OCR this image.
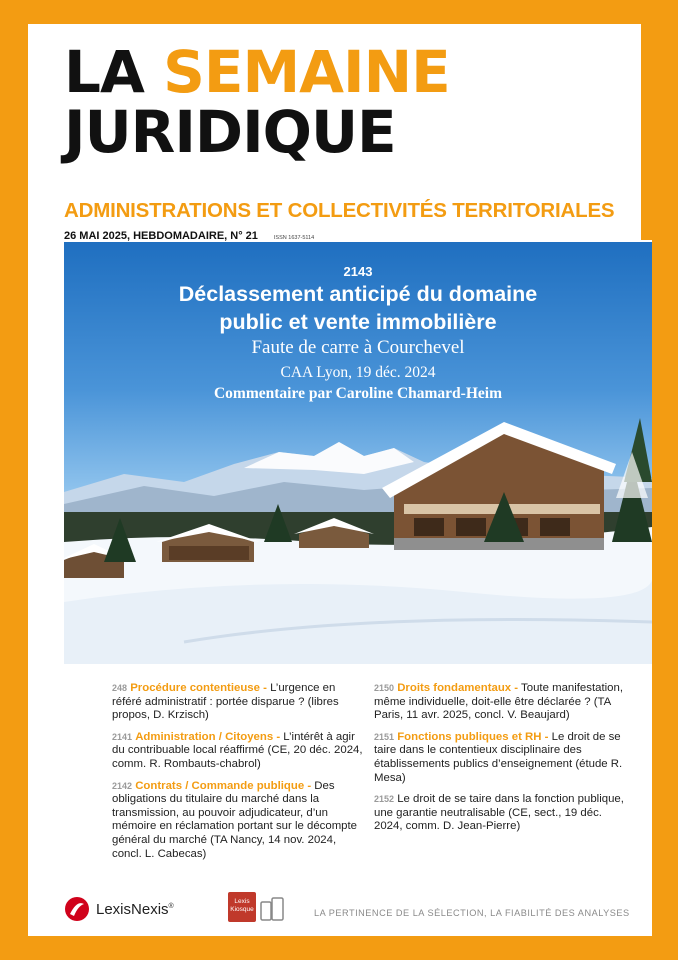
LA SEMAINE
JURIDIQUE
ADMINISTRATIONS ET COLLECTIVITÉS TERRITORIALES
26 MAI 2025, HEBDOMADAIRE, N° 21	ISSN 1637-5114
2143
Déclassement anticipé du domaine
public et vente immobilière
Faute de carre à Courchevel
CAA Lyon, 19 déc. 2024
Commentaire par Caroline Chamard-Heim
248 Procédure contentieuse - L’urgence en référé administratif : portée disparue ? (libres propos, D. Krzisch)
2141 Administration / Citoyens - L’intérêt à agir du contribuable local réaffirmé (CE, 20 déc. 2024, comm. R. Rombauts-chabrol)
2142 Contrats / Commande publique - Des obligations du titulaire du marché dans la transmission, au pouvoir adjudicateur, d’un mémoire en réclamation portant sur le décompte général du marché (TA Nancy, 14 nov. 2024, concl. L. Cabecas)
2150 Droits fondamentaux - Toute manifestation, même individuelle, doit-elle être déclarée ? (TA Paris, 11 avr. 2025, concl. V. Beaujard)
2151 Fonctions publiques et RH - Le droit de se taire dans le contentieux disciplinaire des établissements publics d’enseignement (étude R. Mesa)
2152 Le droit de se taire dans la fonction publique, une garantie neutralisable (CE, sect., 19 déc. 2024, comm. D. Jean-Pierre)
LexisNexis®
Lexis
Kiosque	LA PERTINENCE DE LA SÉLECTION, LA FIABILITÉ DES ANALYSES
